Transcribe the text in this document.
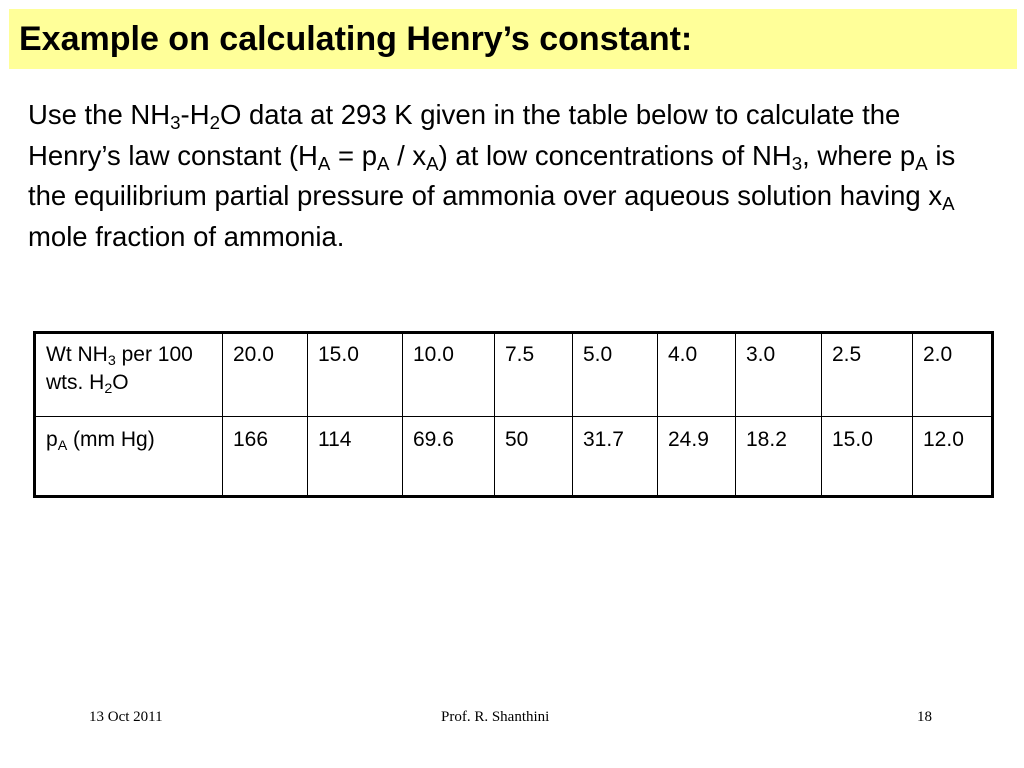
Example on calculating Henry’s constant:

Use the $NH_3-H_2O$ data at 293 K given in the table below to calculate the Henry’s law constant $(H_A = p_A / x_A)$ at low concentrations of $NH_3$, where $p_A$ is the equilibrium partial pressure of ammonia over aqueous solution having $x_A$ mole fraction of ammonia.

Wt $NH_3$ per 100 wts. $H_2O$	20.0	15.0	10.0	7.5	5.0	4.0	3.0	2.5	2.0
$p_A$ (mm Hg)	166	114	69.6	50	31.7	24.9	18.2	15.0	12.0
13 Oct 2011	Prof. R. Shanthini	18
